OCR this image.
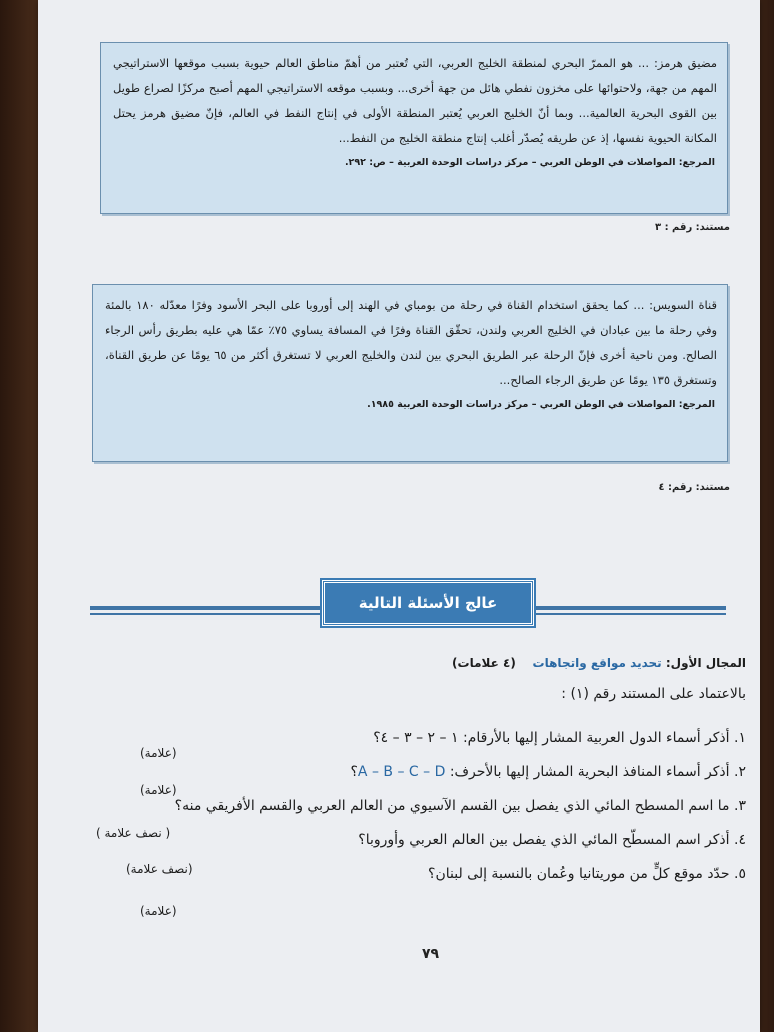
مضيق هرمز: ... هو الممرّ البحري لمنطقة الخليج العربي، التي تُعتبر من أهمّ مناطق العالم حيوية بسبب موقعها الاستراتيجي المهم من جهة، ولاحتوائها على مخزون نفطي هائل من جهة أخرى... وبسبب موقعه الاستراتيجي المهم أصبح مركزًا لصراع طويل بين القوى البحرية العالمية... وبما أنّ الخليج العربي يُعتبر المنطقة الأولى في إنتاج النفط في العالم، فإنّ مضيق هرمز يحتل المكانة الحيوية نفسها، إذ عن طريقه يُصدّر أغلب إنتاج منطقة الخليج من النفط...
المرجع: المواصلات في الوطن العربي – مركز دراسات الوحدة العربية – ص: ٢٩٢.
مستند: رقم : ٣
قناة السويس: ... كما يحقق استخدام القناة في رحلة من بومباي في الهند إلى أوروبا على البحر الأسود وفرًا معدّله ١٨٠ بالمئة وفي رحلة ما بين عبادان في الخليج العربي ولندن، تحقّق القناة وفرًا في المسافة يساوي ٧٥٪ عمّا هي عليه بطريق رأس الرجاء الصالح. ومن ناحية أخرى فإنّ الرحلة عبر الطريق البحري بين لندن والخليج العربي لا تستغرق أكثر من ٦٥ يومًا عن طريق القناة، وتستغرق ١٣٥ يومًا عن طريق الرجاء الصالح...
المرجع: المواصلات في الوطن العربي – مركز دراسات الوحدة العربية ١٩٨٥.
مستند: رقم: ٤
عالج الأسئلة التالية
المجال الأول: تحديد مواقع واتجاهات    (٤ علامات)
بالاعتماد على المستند رقم (١) :
١. أذكر أسماء الدول العربية المشار إليها بالأرقام: ١ – ٢ – ٣ – ٤؟
٢. أذكر أسماء المنافذ البحرية المشار إليها بالأحرف: A – B – C – D؟
٣. ما اسم المسطح المائي الذي يفصل بين القسم الآسيوي من العالم العربي والقسم الأفريقي منه؟
٤. أذكر اسم المسطّح المائي الذي يفصل بين العالم العربي وأوروبا؟
٥. حدّد موقع كلٍّ من موريتانيا وعُمان بالنسبة إلى لبنان؟
(علامة)
(علامة)
( نصف علامة )
(نصف علامة)
(علامة)
٧٩
